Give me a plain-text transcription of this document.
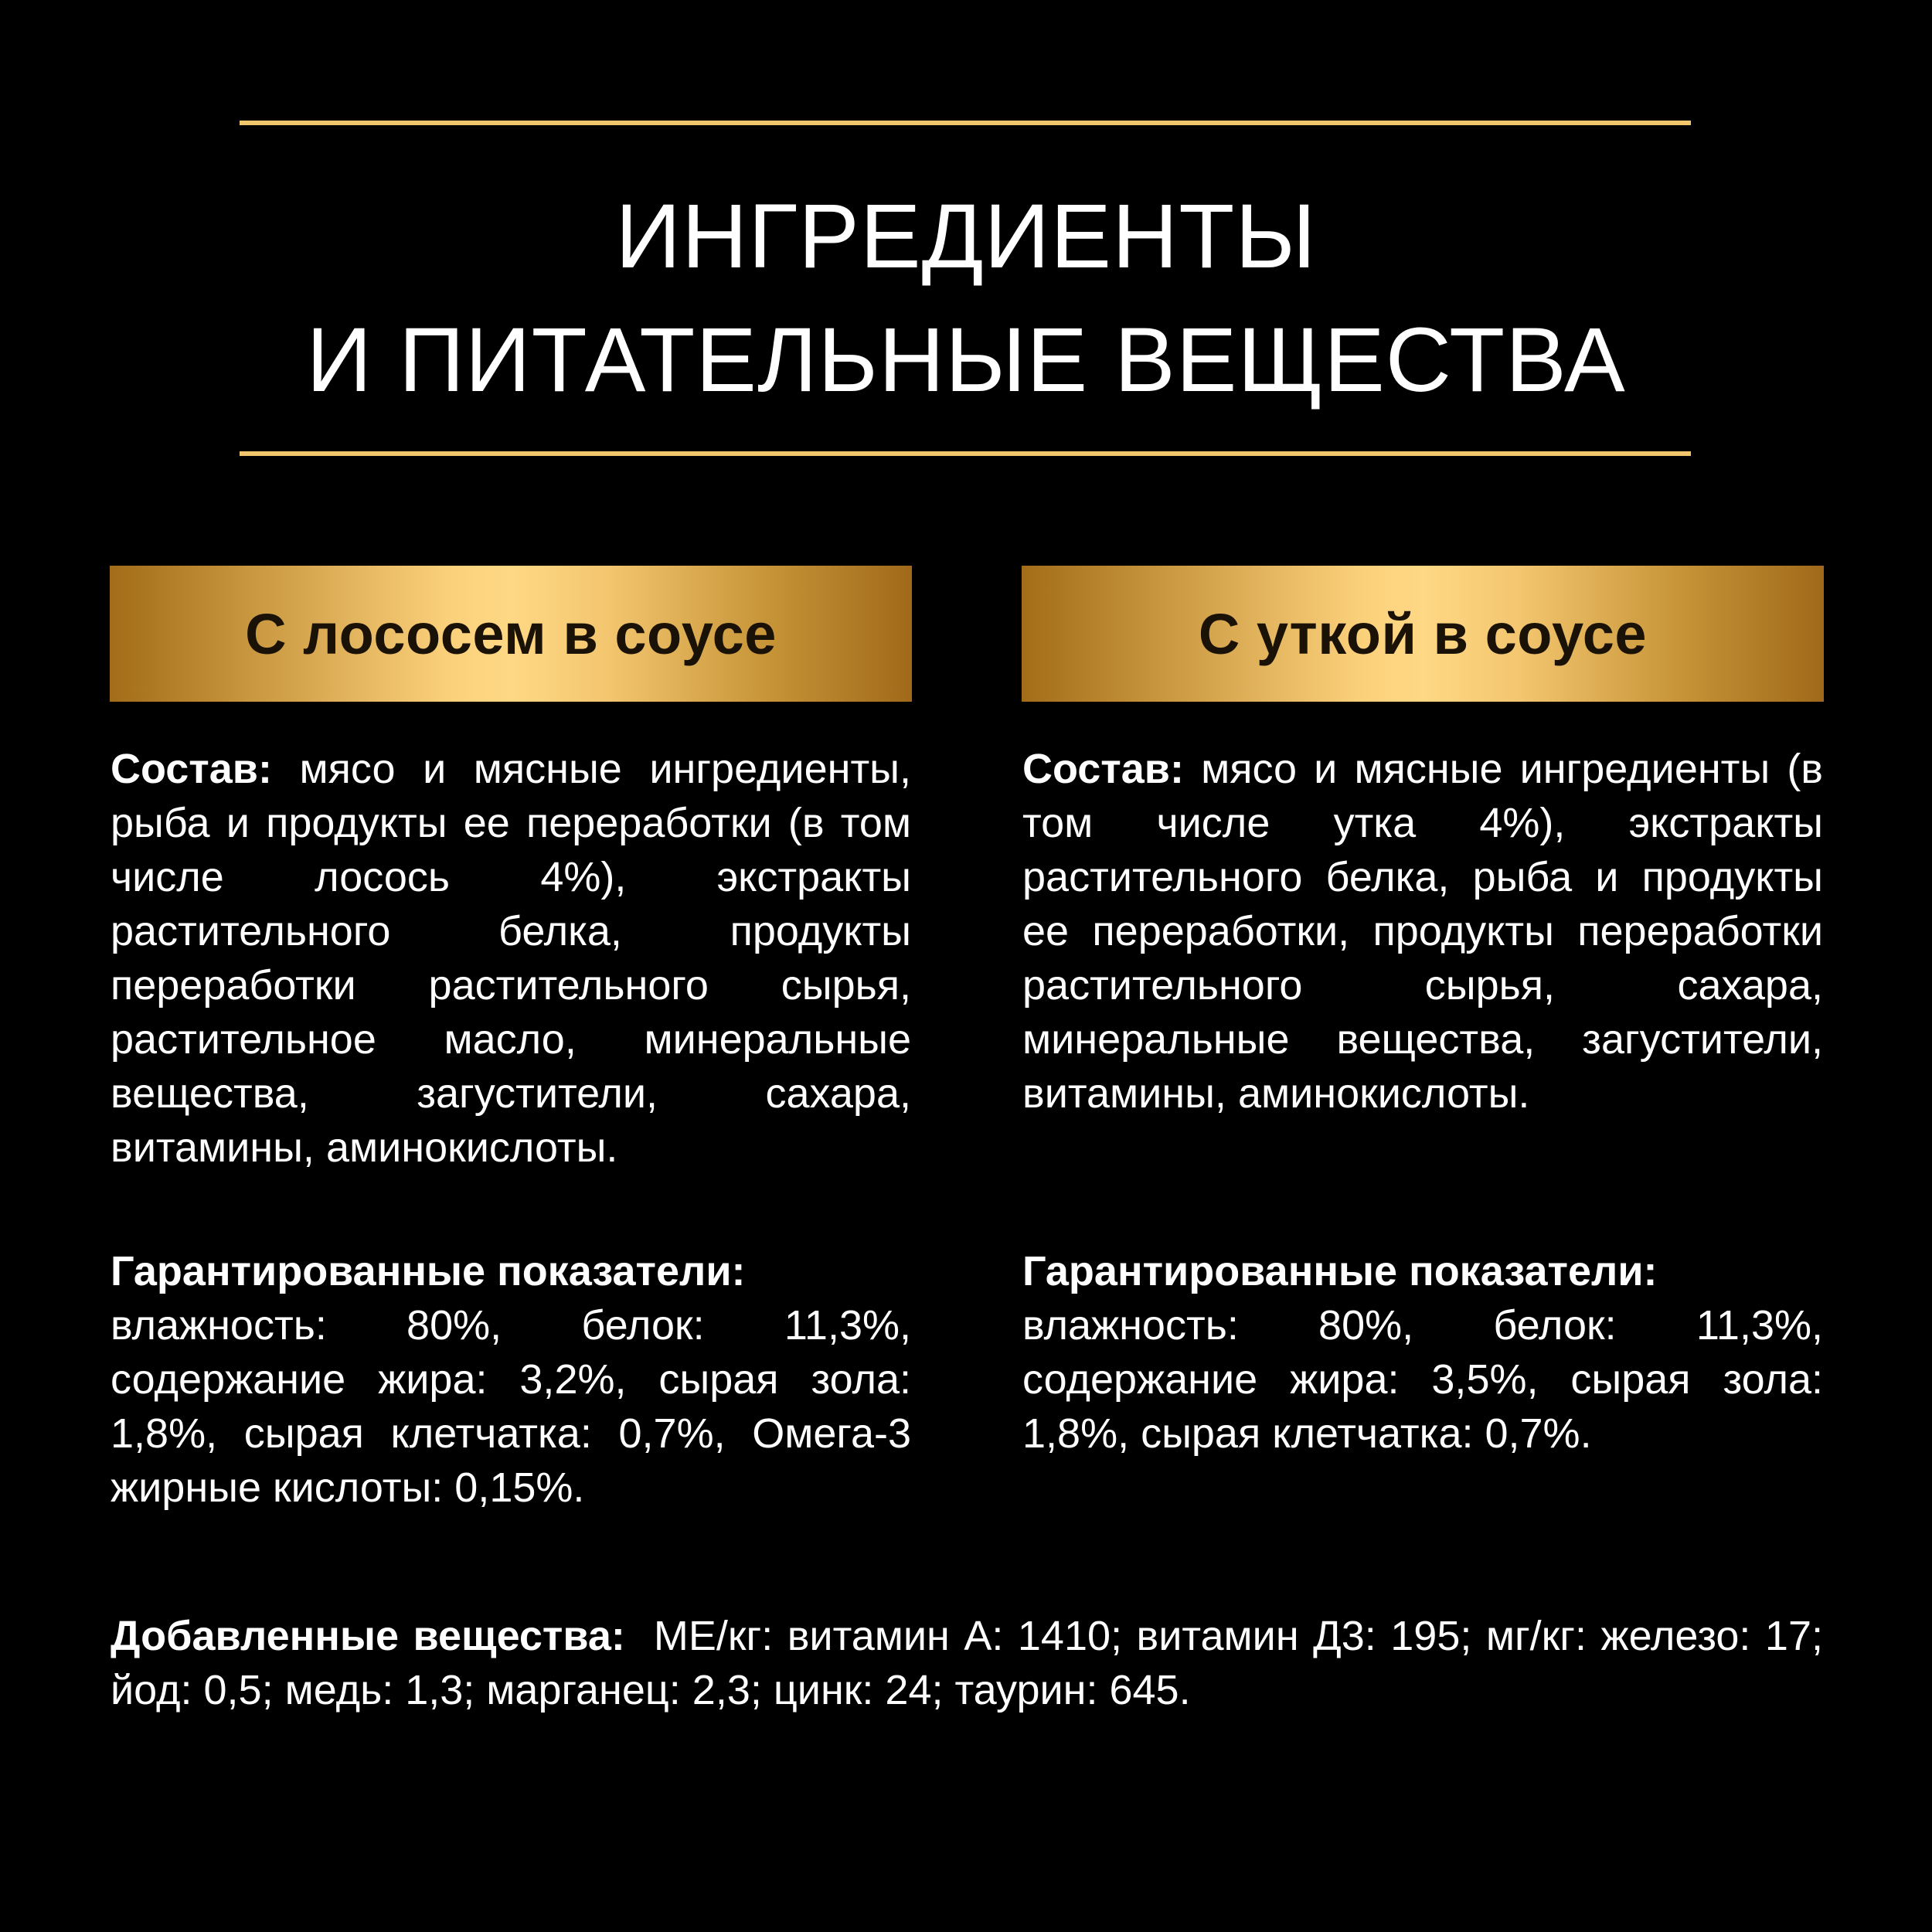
ИНГРЕДИЕНТЫ
И ПИТАТЕЛЬНЫЕ ВЕЩЕСТВА
С лососем в соусе	С уткой в соусе
Состав: мясо и мясные ингредиенты, рыба и продукты ее переработки (в том числе лосось 4%), экстракты растительного белка, продукты переработки растительного сырья, растительное масло, минеральные вещества, загустители, сахара, витамины, аминокислоты.
Состав: мясо и мясные ингредиенты (в том числе утка 4%), экстракты растительного белка, рыба и продукты ее переработки, продукты переработки растительного сырья, сахара, минеральные вещества, загустители, витамины, аминокислоты.
Гарантированные показатели:
влажность: 80%, белок: 11,3%, содержание жира: 3,2%, сырая зола: 1,8%, сырая клетчатка: 0,7%, Омега-3 жирные кислоты: 0,15%.
Гарантированные показатели:
влажность: 80%, белок: 11,3%, содержание жира: 3,5%, сырая зола: 1,8%, сырая клетчатка: 0,7%.
Добавленные вещества:  МЕ/кг: витамин А: 1410; витамин Д3: 195; мг/кг: железо: 17; йод: 0,5; медь: 1,3; марганец: 2,3; цинк: 24; таурин: 645.
